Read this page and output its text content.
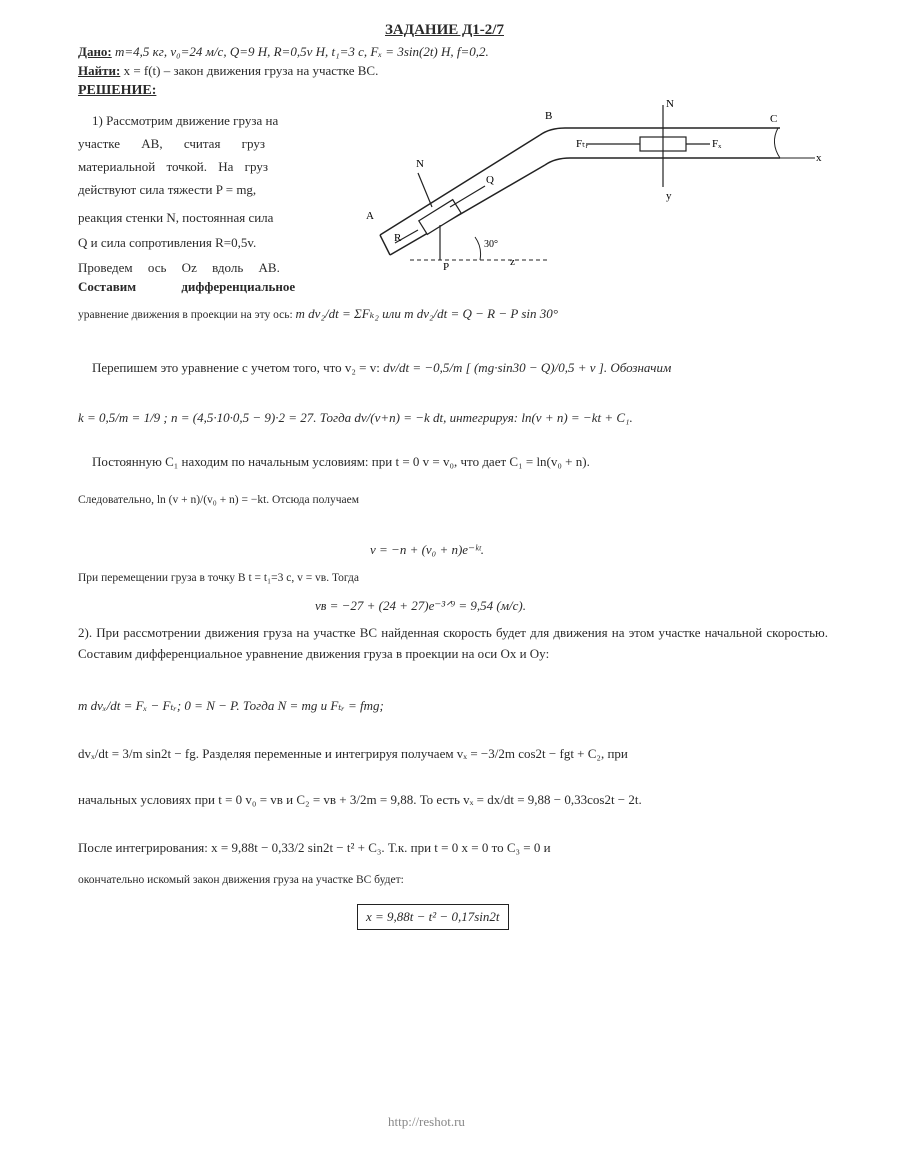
ЗАДАНИЕ Д1-2/7
Дано: m=4,5 кг, v₀=24 м/с, Q=9 Н, R=0,5v Н, t₁=3 с, Fₓ = 3sin(2t) Н, f=0,2.
Найти: x = f(t) – закон движения груза на участке BC.
РЕШЕНИЕ:
1) Рассмотрим движение груза на
участке AB, считая груз
материальной точкой. На груз
действуют сила тяжести P = mg,
реакция стенки N, постоянная сила
Q и сила сопротивления R=0,5v.
Проведем ось Oz вдоль AB.
Составим дифференциальное
A
B	C
N
Q
R
P	z
x
Fₜᵣ	Fₓ
N
y
30°
уравнение движения в проекции на эту ось: m dv₂/dt = ΣFₖ₂ или m dv₂/dt = Q − R − P sin 30°
Перепишем это уравнение с учетом того, что v₂ = v: dv/dt = −0,5/m [ (mg·sin30 − Q)/0,5 + v ]. Обозначим
k = 0,5/m = 1/9 ; n = (4,5·10·0,5 − 9)·2 = 27. Тогда dv/(v+n) = −k dt, интегрируя: ln(v + n) = −kt + C₁.
Постоянную C₁ находим по начальным условиям: при t = 0 v = v₀, что дает C₁ = ln(v₀ + n).
Следовательно, ln (v + n)/(v₀ + n) = −kt. Отсюда получаем
v = −n + (v₀ + n)e⁻ᵏᵗ.
При перемещении груза в точку B t = t₁=3 с, v = vʙ. Тогда
vʙ = −27 + (24 + 27)e⁻³ᐟ⁹ = 9,54 (м/с).
2). При рассмотрении движения груза на участке BC найденная скорость будет для движения на этом участке начальной скоростью. Составим дифференциальное уравнение движения груза в проекции на оси Ox и Oy:
m dvₓ/dt = Fₓ − Fₜᵣ; 0 = N − P. Тогда N = mg и Fₜᵣ = fmg;
dvₓ/dt = 3/m sin2t − fg. Разделяя переменные и интегрируя получаем vₓ = −3/2m cos2t − fgt + C₂, при
начальных условиях при t = 0 v₀ = vʙ и C₂ = vʙ + 3/2m = 9,88. То есть vₓ = dx/dt = 9,88 − 0,33cos2t − 2t.
После интегрирования: x = 9,88t − 0,33/2 sin2t − t² + C₃. Т.к. при t = 0 x = 0 то C₃ = 0 и
окончательно искомый закон движения груза на участке BC будет:
x = 9,88t − t² − 0,17sin2t
http://reshot.ru
